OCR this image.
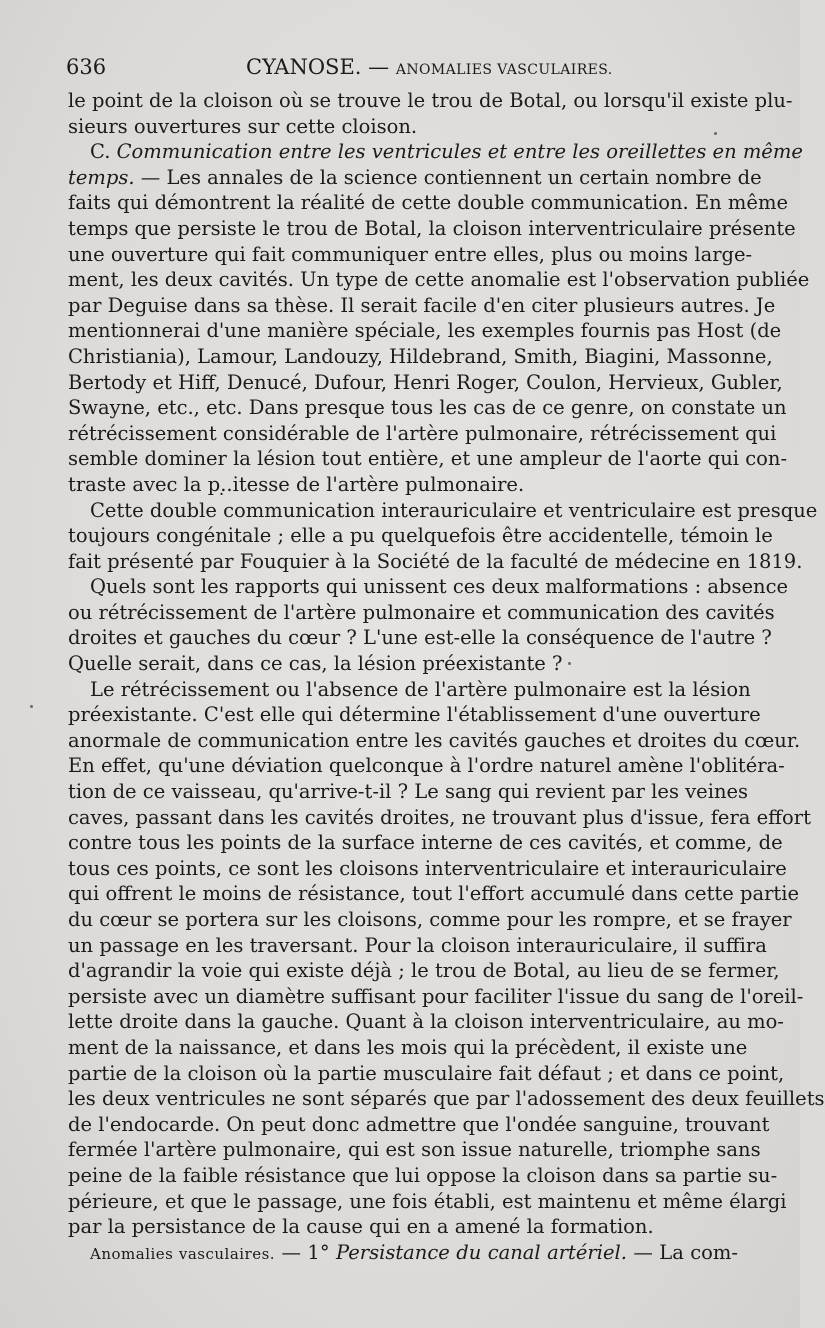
636	CYANOSE. — ANOMALIES VASCULAIRES.

le point de la cloison où se trouve le trou de Botal, ou lorsqu'il existe plu-
sieurs ouvertures sur cette cloison.

C. Communication entre les ventricules et entre les oreillettes en même
temps. — Les annales de la science contiennent un certain nombre de
faits qui démontrent la réalité de cette double communication. En même
temps que persiste le trou de Botal, la cloison interventriculaire présente
une ouverture qui fait communiquer entre elles, plus ou moins large-
ment, les deux cavités. Un type de cette anomalie est l'observation publiée
par Deguise dans sa thèse. Il serait facile d'en citer plusieurs autres. Je
mentionnerai d'une manière spéciale, les exemples fournis pas Host (de
Christiania), Lamour, Landouzy, Hildebrand, Smith, Biagini, Massonne,
Bertody et Hiff, Denucé, Dufour, Henri Roger, Coulon, Hervieux, Gubler,
Swayne, etc., etc. Dans presque tous les cas de ce genre, on constate un
rétrécissement considérable de l'artère pulmonaire, rétrécissement qui
semble dominer la lésion tout entière, et une ampleur de l'aorte qui con-
traste avec la p.̣.itesse de l'artère pulmonaire.

Cette double communication interauriculaire et ventriculaire est presque
toujours congénitale ; elle a pu quelquefois être accidentelle, témoin le
fait présenté par Fouquier à la Société de la faculté de médecine en 1819.

Quels sont les rapports qui unissent ces deux malformations : absence
ou rétrécissement de l'artère pulmonaire et communication des cavités
droites et gauches du cœur ? L'une est-elle la conséquence de l'autre ?
Quelle serait, dans ce cas, la lésion préexistante ?

Le rétrécissement ou l'absence de l'artère pulmonaire est la lésion
préexistante. C'est elle qui détermine l'établissement d'une ouverture
anormale de communication entre les cavités gauches et droites du cœur.
En effet, qu'une déviation quelconque à l'ordre naturel amène l'oblitéra-
tion de ce vaisseau, qu'arrive-t-il ? Le sang qui revient par les veines
caves, passant dans les cavités droites, ne trouvant plus d'issue, fera effort
contre tous les points de la surface interne de ces cavités, et comme, de
tous ces points, ce sont les cloisons interventriculaire et interauriculaire
qui offrent le moins de résistance, tout l'effort accumulé dans cette partie
du cœur se portera sur les cloisons, comme pour les rompre, et se frayer
un passage en les traversant. Pour la cloison interauriculaire, il suffira
d'agrandir la voie qui existe déjà ; le trou de Botal, au lieu de se fermer,
persiste avec un diamètre suffisant pour faciliter l'issue du sang de l'oreil-
lette droite dans la gauche. Quant à la cloison interventriculaire, au mo-
ment de la naissance, et dans les mois qui la précèdent, il existe une
partie de la cloison où la partie musculaire fait défaut ; et dans ce point,
les deux ventricules ne sont séparés que par l'adossement des deux feuillets
de l'endocarde. On peut donc admettre que l'ondée sanguine, trouvant
fermée l'artère pulmonaire, qui est son issue naturelle, triomphe sans
peine de la faible résistance que lui oppose la cloison dans sa partie su-
périeure, et que le passage, une fois établi, est maintenu et même élargi
par la persistance de la cause qui en a amené la formation.

Anomalies vasculaires. — 1° Persistance du canal artériel. — La com-
